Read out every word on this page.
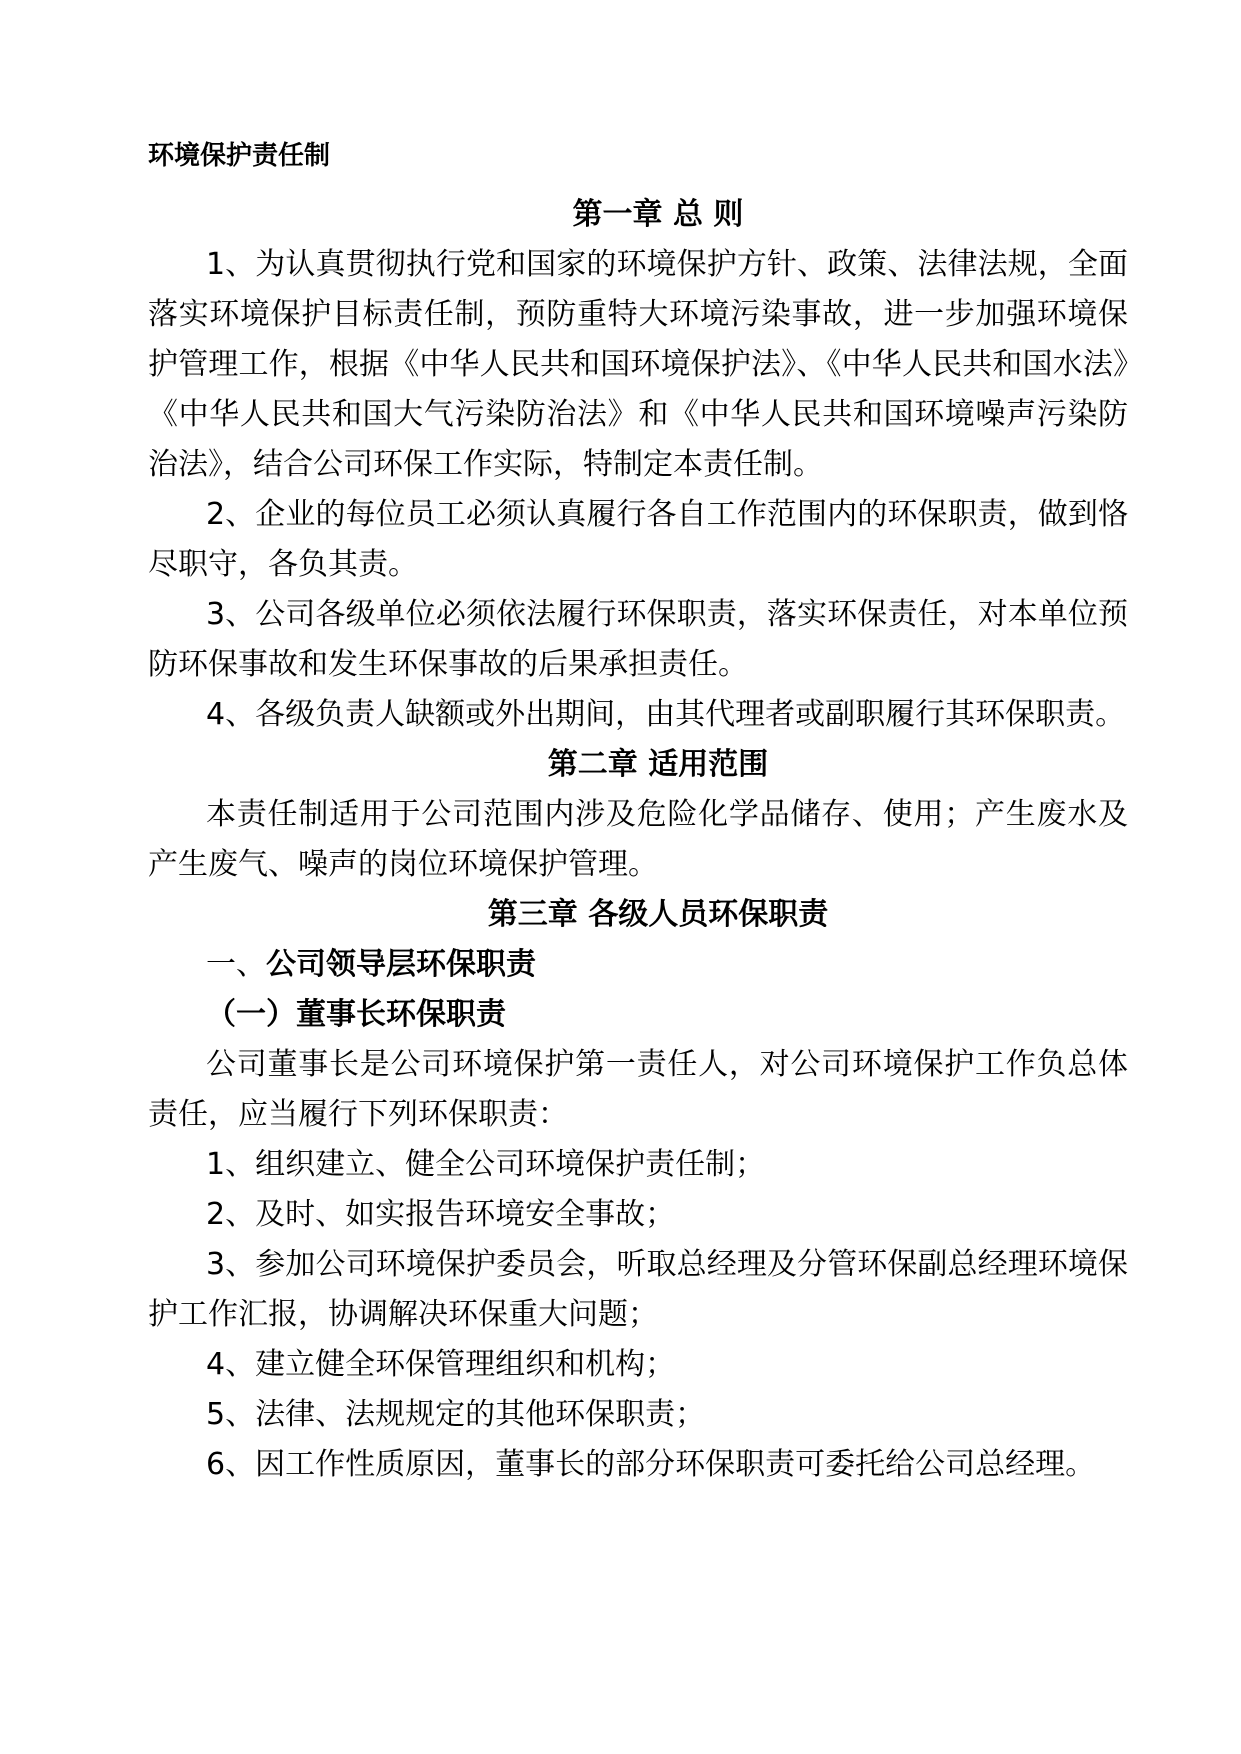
环境保护责任制
第一章 总 则

1、为认真贯彻执行党和国家的环境保护方针、政策、法律法规，全面落实环境保护目标责任制，预防重特大环境污染事故，进一步加强环境保护管理工作，根据《中华人民共和国环境保护法》、《中华人民共和国水法》《中华人民共和国大气污染防治法》和《中华人民共和国环境噪声污染防治法》，结合公司环保工作实际，特制定本责任制。

2、企业的每位员工必须认真履行各自工作范围内的环保职责，做到恪尽职守，各负其责。

3、公司各级单位必须依法履行环保职责，落实环保责任，对本单位预防环保事故和发生环保事故的后果承担责任。

4、各级负责人缺额或外出期间，由其代理者或副职履行其环保职责。

第二章 适用范围

本责任制适用于公司范围内涉及危险化学品储存、使用；产生废水及产生废气、噪声的岗位环境保护管理。

第三章 各级人员环保职责
一、公司领导层环保职责
（一）董事长环保职责

公司董事长是公司环境保护第一责任人，对公司环境保护工作负总体责任，应当履行下列环保职责：

1、组织建立、健全公司环境保护责任制；

2、及时、如实报告环境安全事故；

3、参加公司环境保护委员会，听取总经理及分管环保副总经理环境保护工作汇报，协调解决环保重大问题；

4、建立健全环保管理组织和机构；

5、法律、法规规定的其他环保职责；

6、因工作性质原因，董事长的部分环保职责可委托给公司总经理。
